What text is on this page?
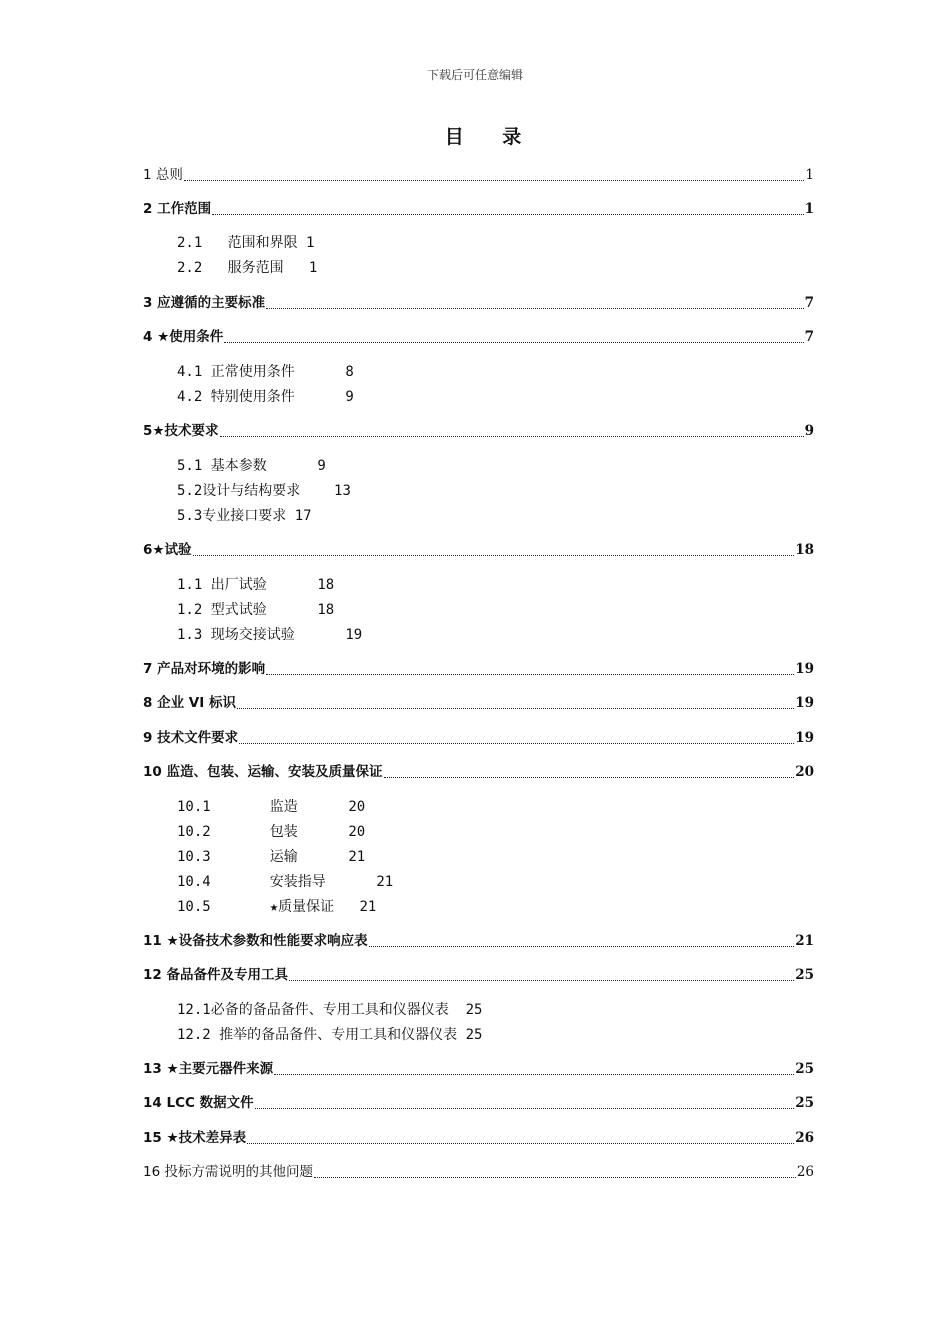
下载后可任意编辑
目 录
1 总则	1
2 工作范围	1
2.1 范围和界限 1
2.2 服务范围 1
3 应遵循的主要标准	7
4 ★使用条件	7
4.1 正常使用条件	8
4.2 特别使用条件	9
5★技术要求	9
5.1 基本参数	9
5.2设计与结构要求 13
5.3专业接口要求 17
6★试验	18
1.1 出厂试验	18
1.2 型式试验	18
1.3 现场交接试验	19
7 产品对环境的影响	19
8 企业 VI 标识	19
9 技术文件要求	19
10 监造、包装、运输、安装及质量保证	20
10.1	监造	20
10.2	包装	20
10.3	运输	21
10.4	安装指导	21
10.5	★质量保证 21
11 ★设备技术参数和性能要求响应表	21
12 备品备件及专用工具	25
12.1必备的备品备件、专用工具和仪器仪表 25
12.2 推举的备品备件、专用工具和仪器仪表 25
13 ★主要元器件来源	25
14 LCC 数据文件	25
15 ★技术差异表	26
16 投标方需说明的其他问题	26
